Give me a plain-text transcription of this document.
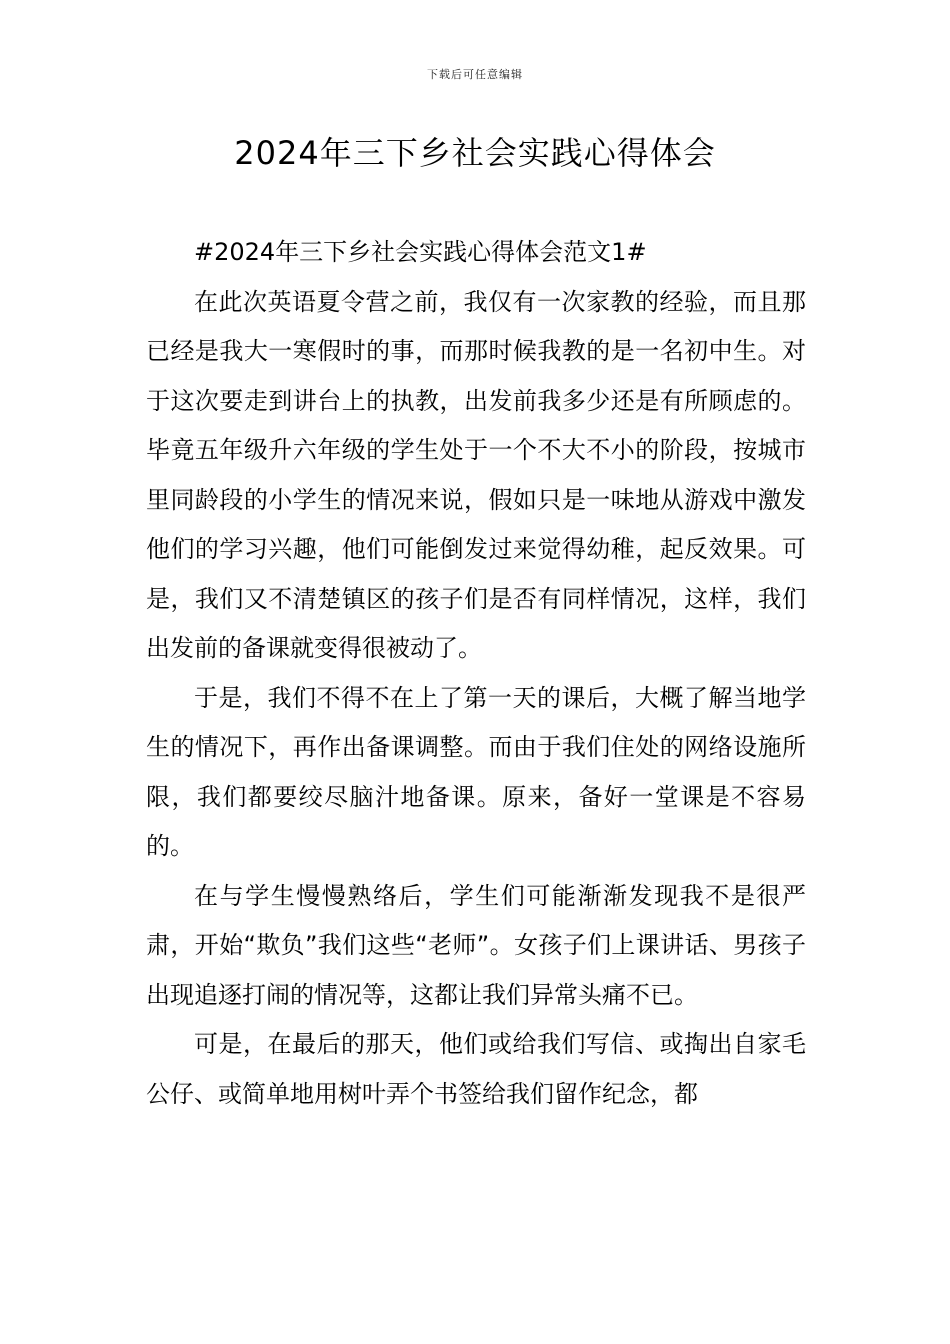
下载后可任意编辑
2024年三下乡社会实践心得体会

#2024年三下乡社会实践心得体会范文1#

在此次英语夏令营之前，我仅有一次家教的经验，而且那已经是我大一寒假时的事，而那时候我教的是一名初中生。对于这次要走到讲台上的执教，出发前我多少还是有所顾虑的。毕竟五年级升六年级的学生处于一个不大不小的阶段，按城市里同龄段的小学生的情况来说，假如只是一味地从游戏中激发他们的学习兴趣，他们可能倒发过来觉得幼稚，起反效果。可是，我们又不清楚镇区的孩子们是否有同样情况，这样，我们出发前的备课就变得很被动了。

于是，我们不得不在上了第一天的课后，大概了解当地学生的情况下，再作出备课调整。而由于我们住处的网络设施所限，我们都要绞尽脑汁地备课。原来，备好一堂课是不容易的。

在与学生慢慢熟络后，学生们可能渐渐发现我不是很严肃，开始“欺负”我们这些“老师”。女孩子们上课讲话、男孩子出现追逐打闹的情况等，这都让我们异常头痛不已。

可是，在最后的那天，他们或给我们写信、或掏出自家毛公仔、或简单地用树叶弄个书签给我们留作纪念，都
